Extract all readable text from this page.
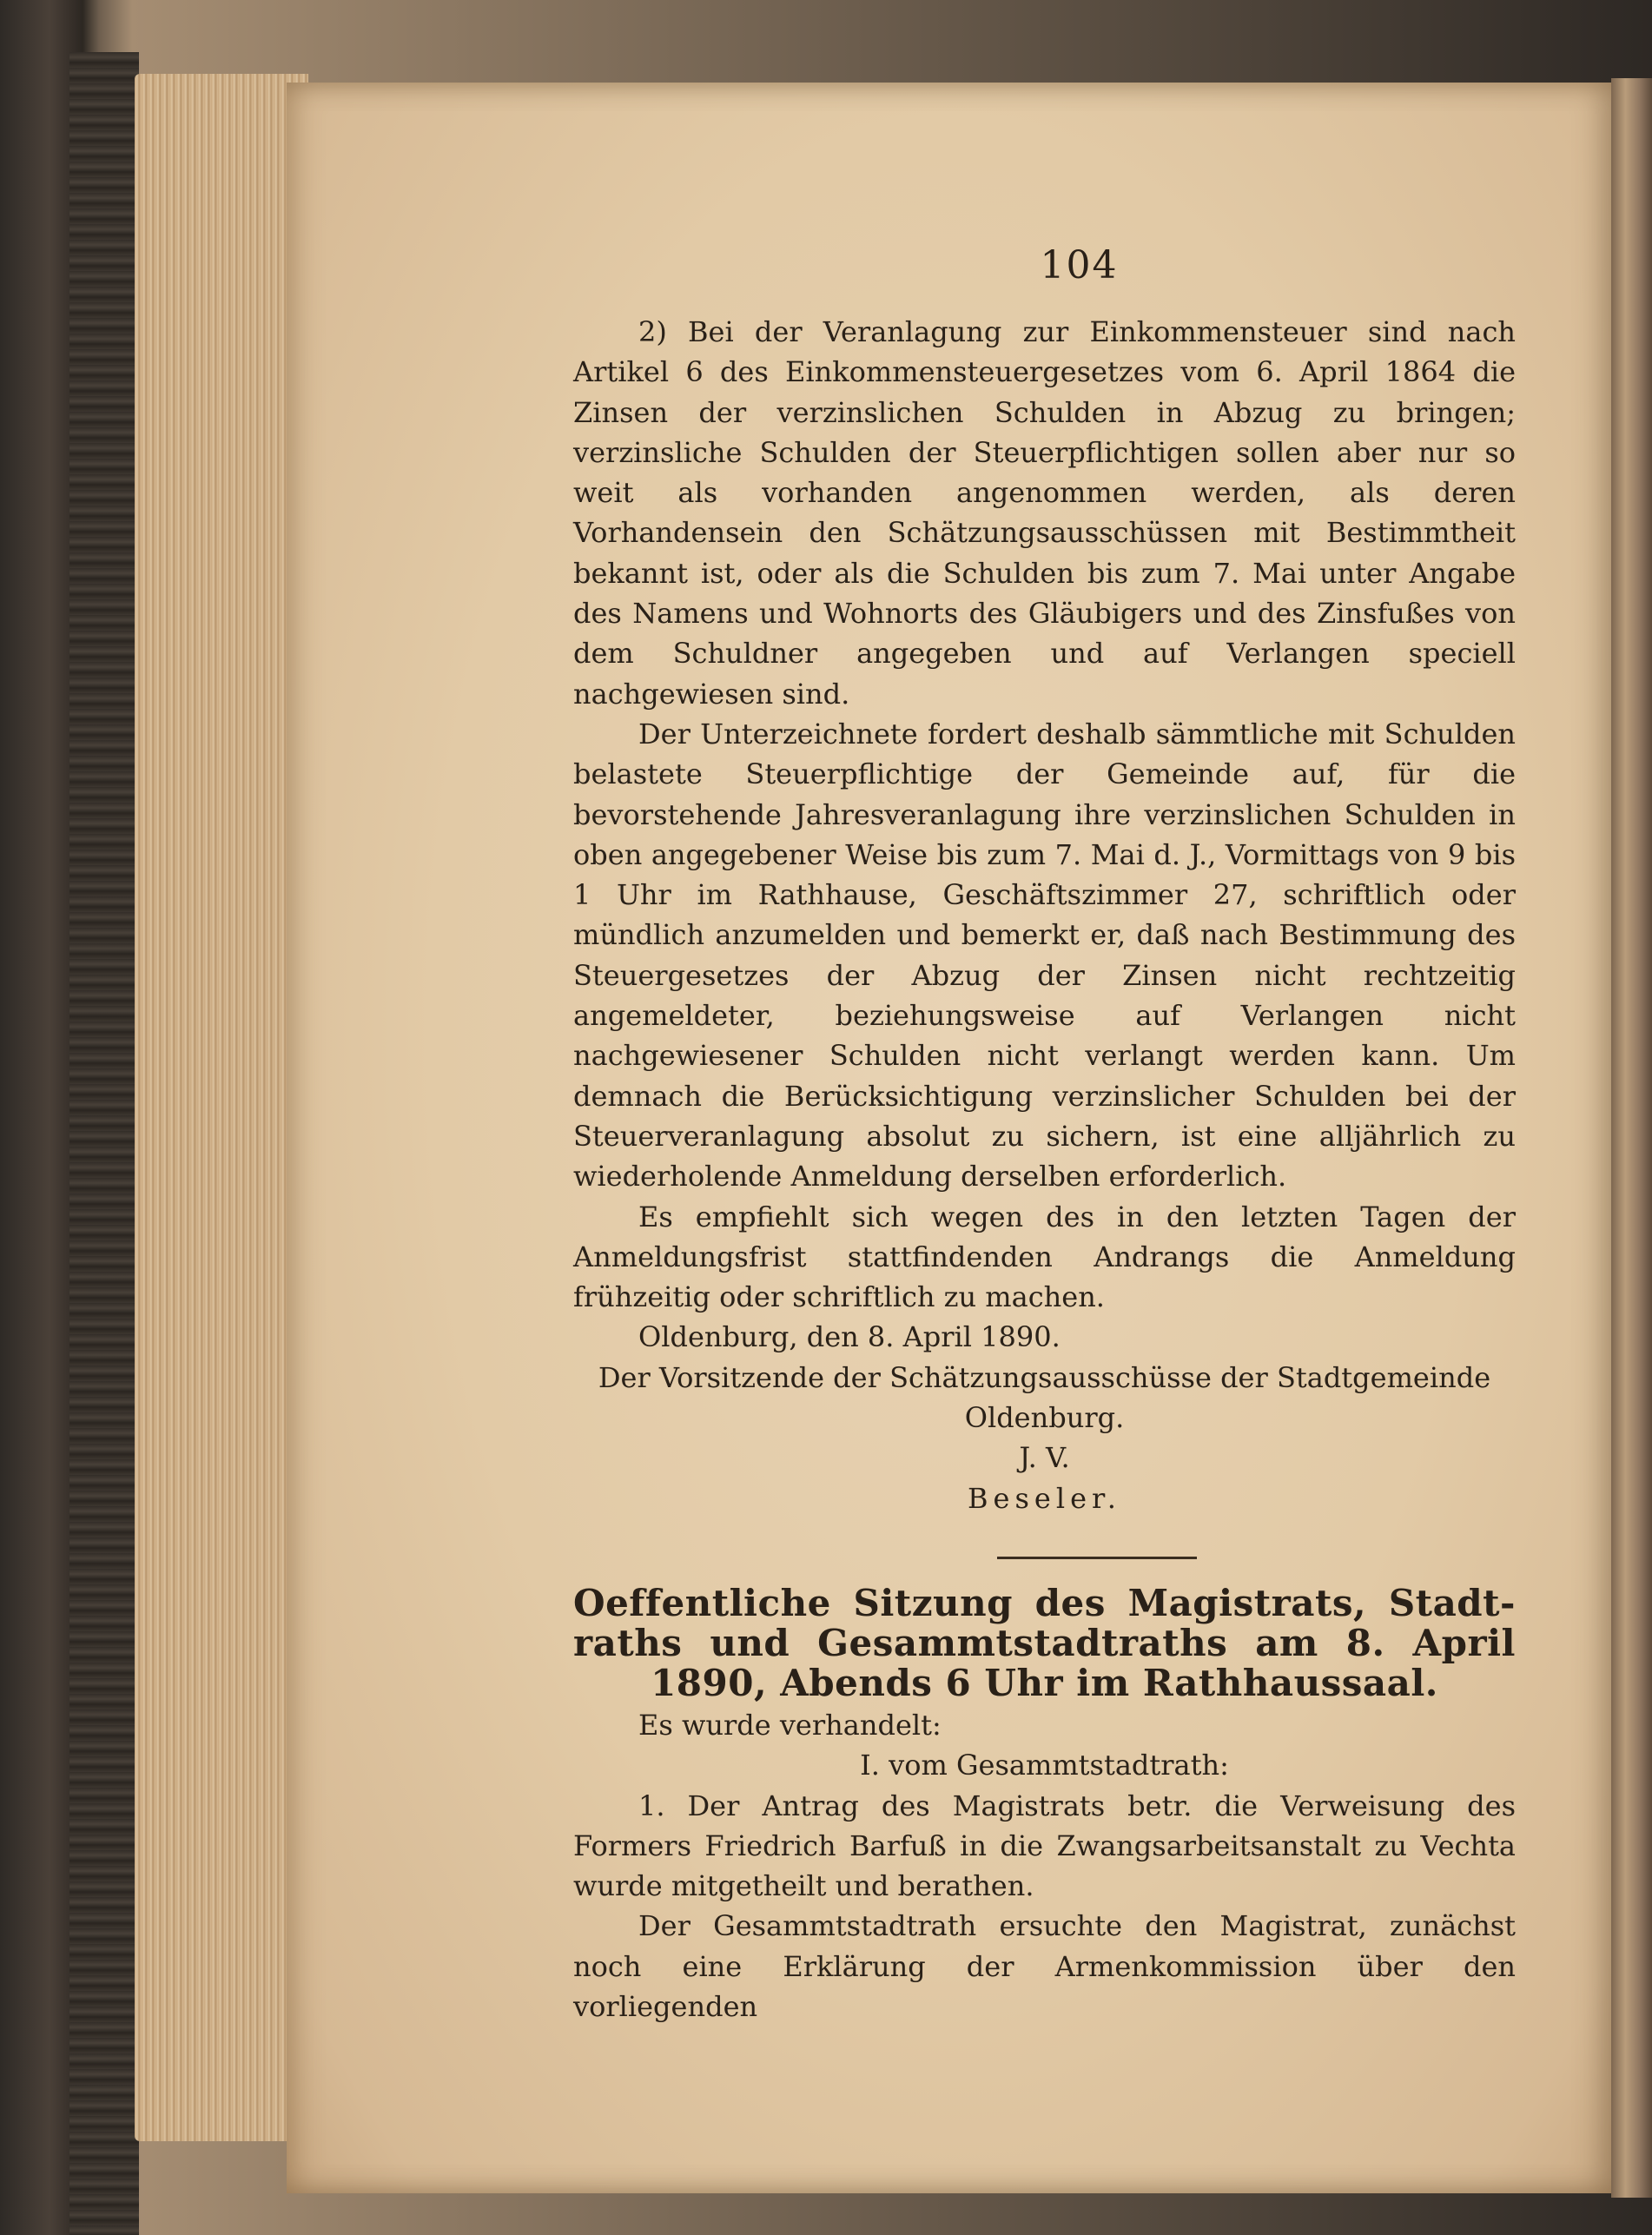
104

2) Bei der Veranlagung zur Einkommensteuer sind nach Artikel 6 des Einkommensteuergesetzes vom 6. April 1864 die Zinsen der verzinslichen Schulden in Abzug zu bringen; verzinsliche Schulden der Steuerpflichtigen sollen aber nur so weit als vorhanden angenommen werden, als deren Vorhandensein den Schätzungsausschüssen mit Bestimmtheit bekannt ist, oder als die Schulden bis zum 7. Mai unter Angabe des Namens und Wohnorts des Gläubigers und des Zinsfußes von dem Schuldner angegeben und auf Verlangen speciell nachgewiesen sind.

Der Unterzeichnete fordert deshalb sämmtliche mit Schulden belastete Steuerpflichtige der Gemeinde auf, für die bevorstehende Jahresveranlagung ihre verzinslichen Schulden in oben angegebener Weise bis zum 7. Mai d. J., Vormittags von 9 bis 1 Uhr im Rathhause, Geschäftszimmer 27, schriftlich oder mündlich anzumelden und bemerkt er, daß nach Bestimmung des Steuergesetzes der Abzug der Zinsen nicht rechtzeitig angemeldeter, beziehungsweise auf Verlangen nicht nachgewiesener Schulden nicht verlangt werden kann. Um demnach die Berücksichtigung verzinslicher Schulden bei der Steuerveranlagung absolut zu sichern, ist eine alljährlich zu wiederholende Anmeldung derselben erforderlich.

Es empfiehlt sich wegen des in den letzten Tagen der Anmeldungsfrist stattfindenden Andrangs die Anmeldung frühzeitig oder schriftlich zu machen.

Oldenburg, den 8. April 1890.

Der Vorsitzende der Schätzungsausschüsse der Stadtgemeinde

Oldenburg.

J. V.

Beseler.

Oeffentliche Sitzung des Magistrats, Stadt-
raths und Gesammtstadtraths am 8. April
1890, Abends 6 Uhr im Rathhaussaal.

Es wurde verhandelt:

I. vom Gesammtstadtrath:

1. Der Antrag des Magistrats betr. die Verweisung des Formers Friedrich Barfuß in die Zwangsarbeitsanstalt zu Vechta wurde mitgetheilt und berathen.

Der Gesammtstadtrath ersuchte den Magistrat, zunächst noch eine Erklärung der Armenkommission über den vorliegenden
